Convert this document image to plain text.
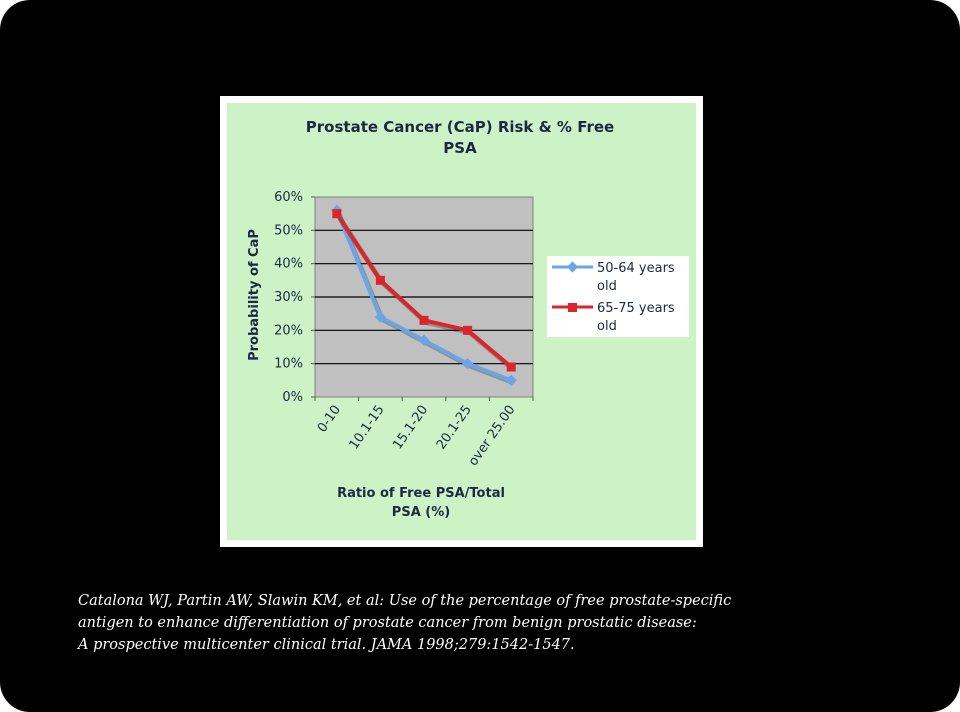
Prostate Cancer (CaP) Risk & % Free
PSA
Probability of CaP
Ratio of Free PSA/Total
PSA (%)
0%
10%
20%
30%
40%
50%
60%
0-10 10.1-15 15.1-20 20.1-25
over 25.00
50-64 years
old
65-75 years
old
Catalona WJ, Partin AW, Slawin KM, et al: Use of the percentage of free prostate-specific
antigen to enhance differentiation of prostate cancer from benign prostatic disease:
A prospective multicenter clinical trial. JAMA 1998;279:1542-1547.
